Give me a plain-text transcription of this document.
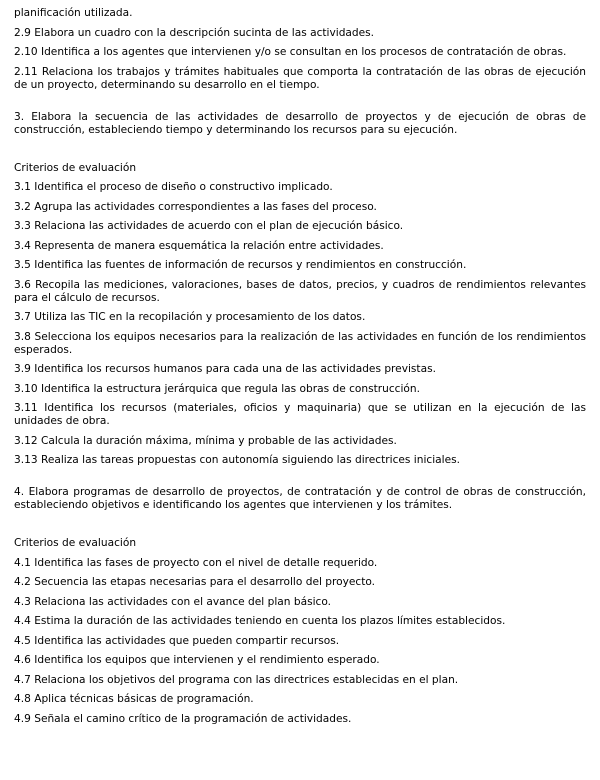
planificación utilizada.

2.9 Elabora un cuadro con la descripción sucinta de las actividades.

2.10 Identifica a los agentes que intervienen y/o se consultan en los procesos de contratación de obras.

2.11 Relaciona los trabajos y trámites habituales que comporta la contratación de las obras de ejecución de un proyecto, determinando su desarrollo en el tiempo.

3. Elabora la secuencia de las actividades de desarrollo de proyectos y de ejecución de obras de construcción, estableciendo tiempo y determinando los recursos para su ejecución.

Criterios de evaluación

3.1 Identifica el proceso de diseño o constructivo implicado.

3.2 Agrupa las actividades correspondientes a las fases del proceso.

3.3 Relaciona las actividades de acuerdo con el plan de ejecución básico.

3.4 Representa de manera esquemática la relación entre actividades.

3.5 Identifica las fuentes de información de recursos y rendimientos en construcción.

3.6 Recopila las mediciones, valoraciones, bases de datos, precios, y cuadros de rendimientos relevantes para el cálculo de recursos.

3.7 Utiliza las TIC en la recopilación y procesamiento de los datos.

3.8 Selecciona los equipos necesarios para la realización de las actividades en función de los rendimientos esperados.

3.9 Identifica los recursos humanos para cada una de las actividades previstas.

3.10 Identifica la estructura jerárquica que regula las obras de construcción.

3.11 Identifica los recursos (materiales, oficios y maquinaria) que se utilizan en la ejecución de las unidades de obra.

3.12 Calcula la duración máxima, mínima y probable de las actividades.

3.13 Realiza las tareas propuestas con autonomía siguiendo las directrices iniciales.

4. Elabora programas de desarrollo de proyectos, de contratación y de control de obras de construcción, estableciendo objetivos e identificando los agentes que intervienen y los trámites.

Criterios de evaluación

4.1 Identifica las fases de proyecto con el nivel de detalle requerido.

4.2 Secuencia las etapas necesarias para el desarrollo del proyecto.

4.3 Relaciona las actividades con el avance del plan básico.

4.4 Estima la duración de las actividades teniendo en cuenta los plazos límites establecidos.

4.5 Identifica las actividades que pueden compartir recursos.

4.6 Identifica los equipos que intervienen y el rendimiento esperado.

4.7 Relaciona los objetivos del programa con las directrices establecidas en el plan.

4.8 Aplica técnicas básicas de programación.

4.9 Señala el camino crítico de la programación de actividades.
